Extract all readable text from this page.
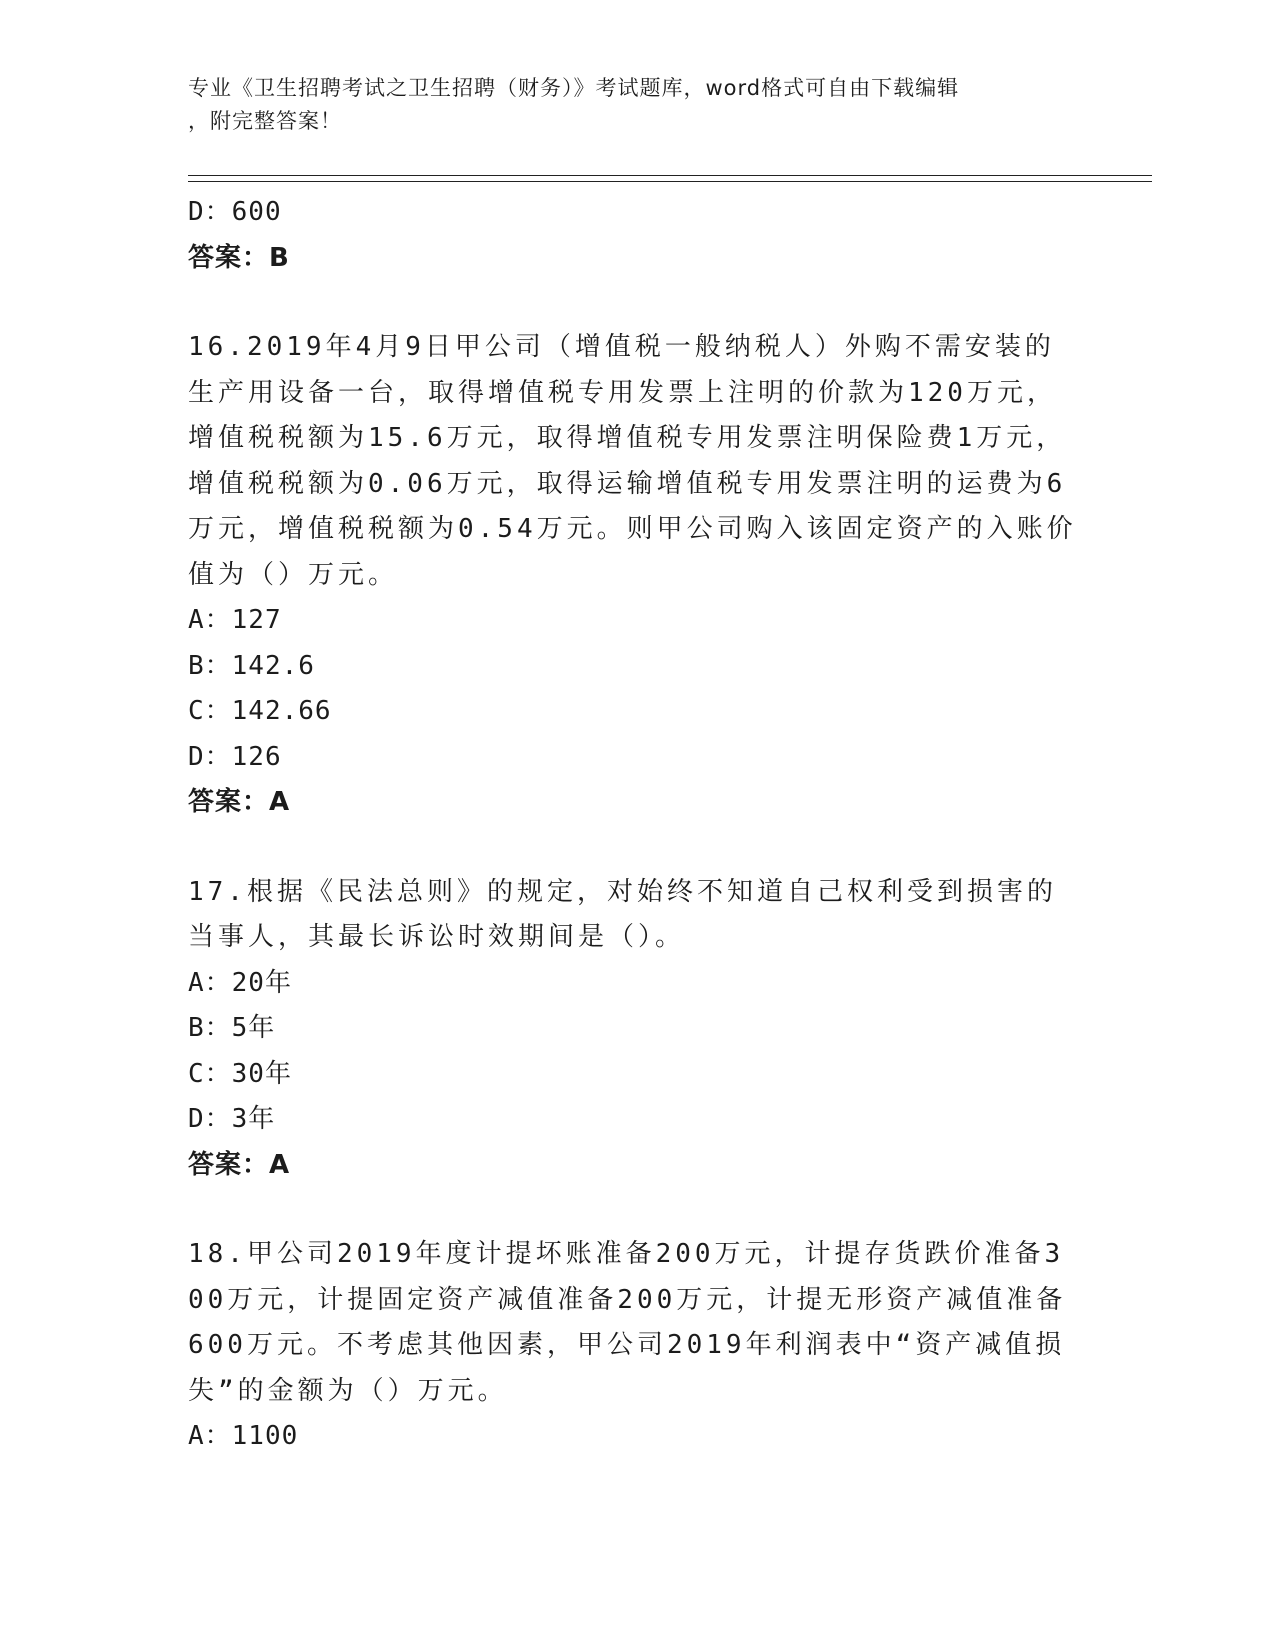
专业《卫生招聘考试之卫生招聘（财务）》考试题库，word格式可自由下载编辑
，附完整答案！
D：600
答案：B
16.2019年4月9日甲公司（增值税一般纳税人）外购不需安装的生产用设备一台，取得增值税专用发票上注明的价款为120万元，增值税税额为15.6万元，取得增值税专用发票注明保险费1万元，增值税税额为0.06万元，取得运输增值税专用发票注明的运费为6万元，增值税税额为0.54万元。则甲公司购入该固定资产的入账价值为（）万元。
A：127
B：142.6
C：142.66
D：126
答案：A
17.根据《民法总则》的规定，对始终不知道自己权利受到损害的当事人，其最长诉讼时效期间是（）。
A：20年
B：5年
C：30年
D：3年
答案：A
18.甲公司2019年度计提坏账准备200万元，计提存货跌价准备300万元，计提固定资产减值准备200万元，计提无形资产减值准备600万元。不考虑其他因素，甲公司2019年利润表中“资产减值损失”的金额为（）万元。
A：1100
